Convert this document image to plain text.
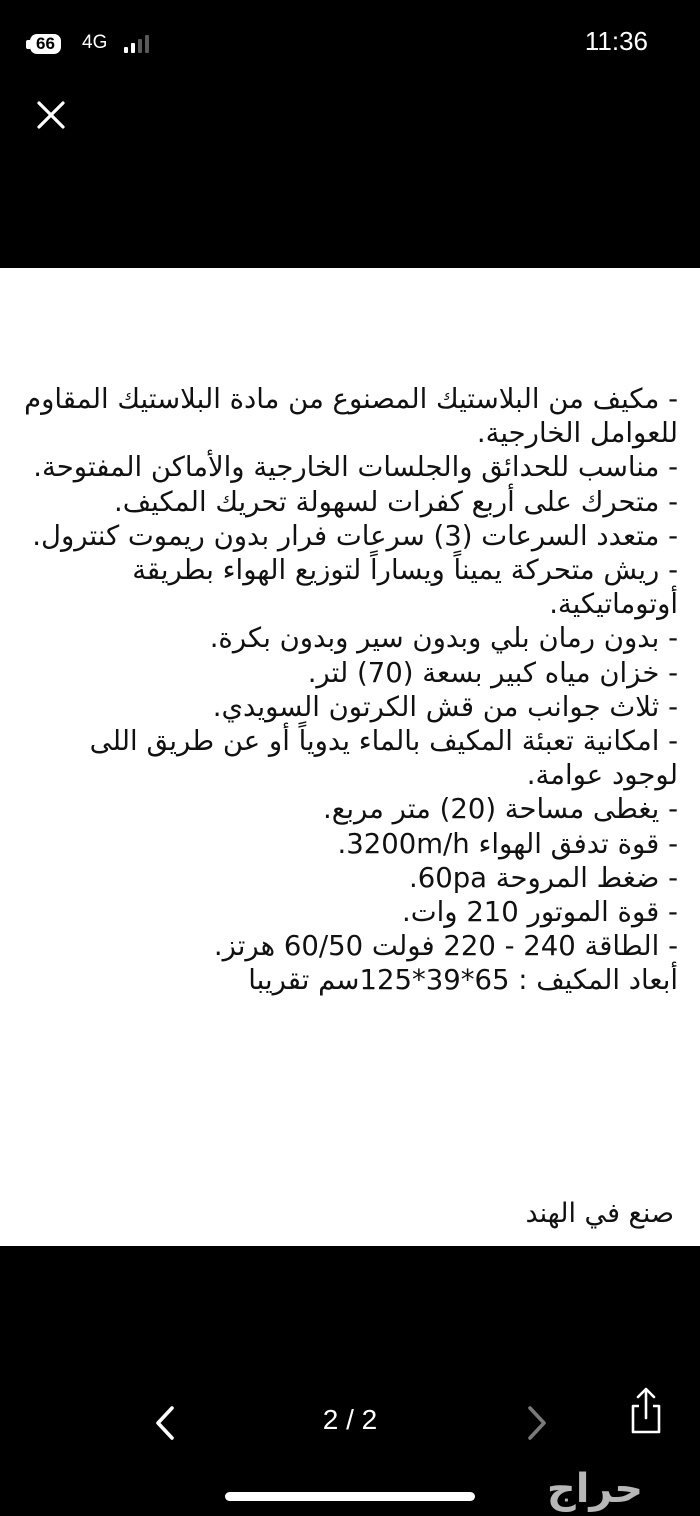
66	4G	11:36

- مكيف من البلاستيك المصنوع من مادة البلاستيك المقاوم للعوامل الخارجية.

- مناسب للحدائق والجلسات الخارجية والأماكن المفتوحة.

- متحرك على أربع كفرات لسهولة تحريك المكيف.

- متعدد السرعات (3) سرعات فرار بدون ريموت كنترول.

- ريش متحركة يميناً ويساراً لتوزيع الهواء بطريقة أوتوماتيكية.

- بدون رمان بلي وبدون سير وبدون بكرة.

- خزان مياه كبير بسعة (70) لتر.

- ثلاث جوانب من قش الكرتون السويدي.

- امكانية تعبئة المكيف بالماء يدوياً أو عن طريق اللى لوجود عوامة.

- يغطى مساحة (20) متر مربع.

- قوة تدفق الهواء 3200m/h.

- ضغط المروحة 60pa.

- قوة الموتور 210 وات.

- الطاقة 240 - 220 فولت 60/50 هرتز.

أبعاد المكيف : 65*39*125سم تقريبا

صنع في الهند
2 / 2
حراج
